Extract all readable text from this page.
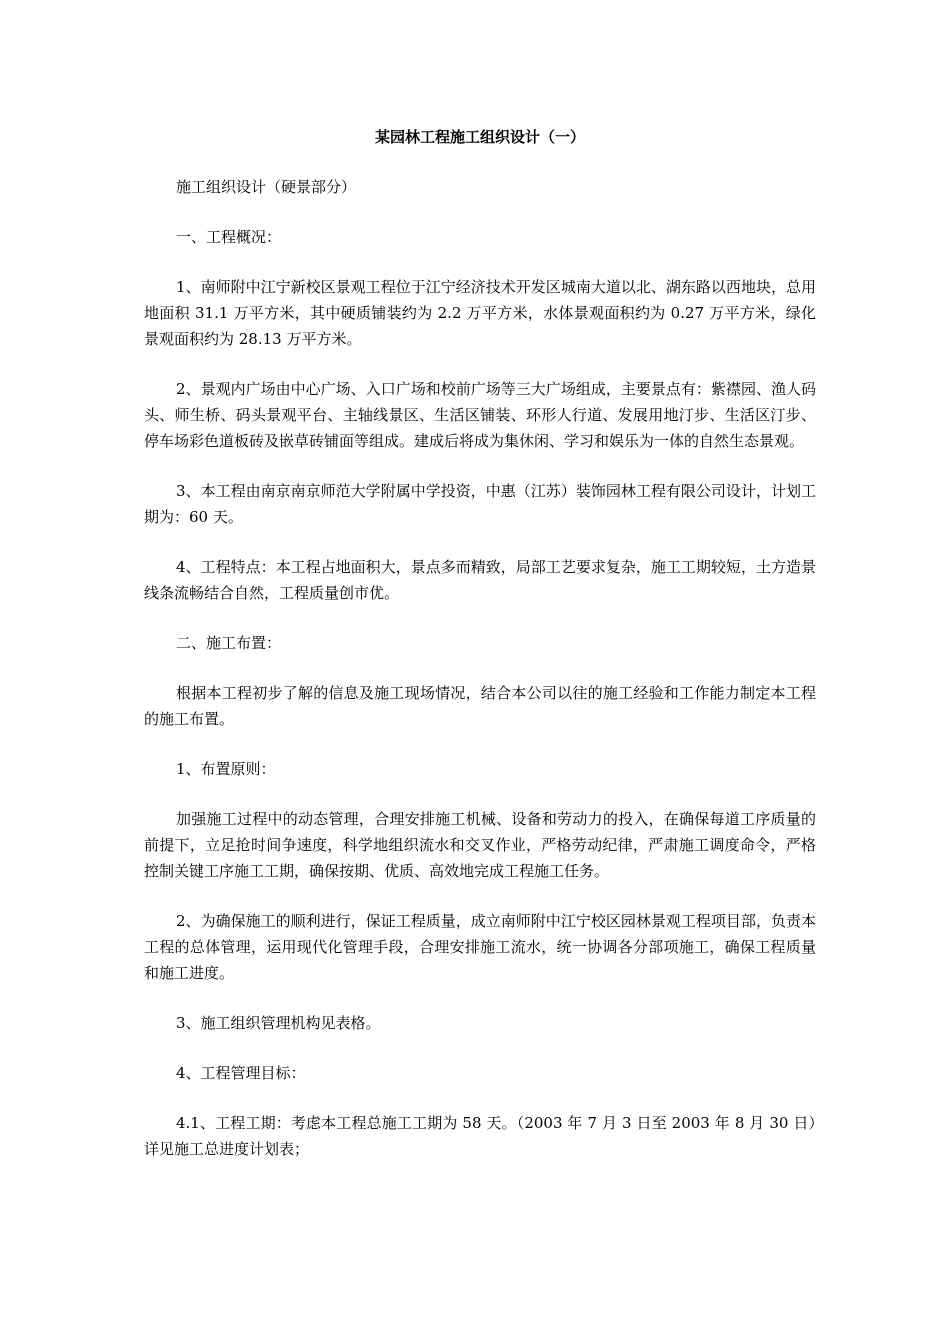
某园林工程施工组织设计（一）

施工组织设计（硬景部分）

一、工程概况：

1、南师附中江宁新校区景观工程位于江宁经济技术开发区城南大道以北、湖东路以西地块，总用地面积 31.1 万平方米，其中硬质铺装约为 2.2 万平方米，水体景观面积约为 0.27 万平方米，绿化景观面积约为 28.13 万平方米。

2、景观内广场由中心广场、入口广场和校前广场等三大广场组成，主要景点有：紫襟园、渔人码头、师生桥、码头景观平台、主轴线景区、生活区铺装、环形人行道、发展用地汀步、生活区汀步、停车场彩色道板砖及嵌草砖铺面等组成。建成后将成为集休闲、学习和娱乐为一体的自然生态景观。

3、本工程由南京南京师范大学附属中学投资，中惠（江苏）装饰园林工程有限公司设计，计划工期为：60 天。

4、工程特点：本工程占地面积大，景点多而精致，局部工艺要求复杂，施工工期较短，土方造景线条流畅结合自然，工程质量创市优。

二、施工布置：

根据本工程初步了解的信息及施工现场情况，结合本公司以往的施工经验和工作能力制定本工程的施工布置。

1、布置原则：

加强施工过程中的动态管理，合理安排施工机械、设备和劳动力的投入，在确保每道工序质量的前提下，立足抢时间争速度，科学地组织流水和交叉作业，严格劳动纪律，严肃施工调度命令，严格控制关键工序施工工期，确保按期、优质、高效地完成工程施工任务。

2、为确保施工的顺利进行，保证工程质量，成立南师附中江宁校区园林景观工程项目部，负责本工程的总体管理，运用现代化管理手段，合理安排施工流水，统一协调各分部项施工，确保工程质量和施工进度。

3、施工组织管理机构见表格。

4、工程管理目标：

4.1、工程工期：考虑本工程总施工工期为 58 天。（2003 年 7 月 3 日至 2003 年 8 月 30 日）详见施工总进度计划表；
